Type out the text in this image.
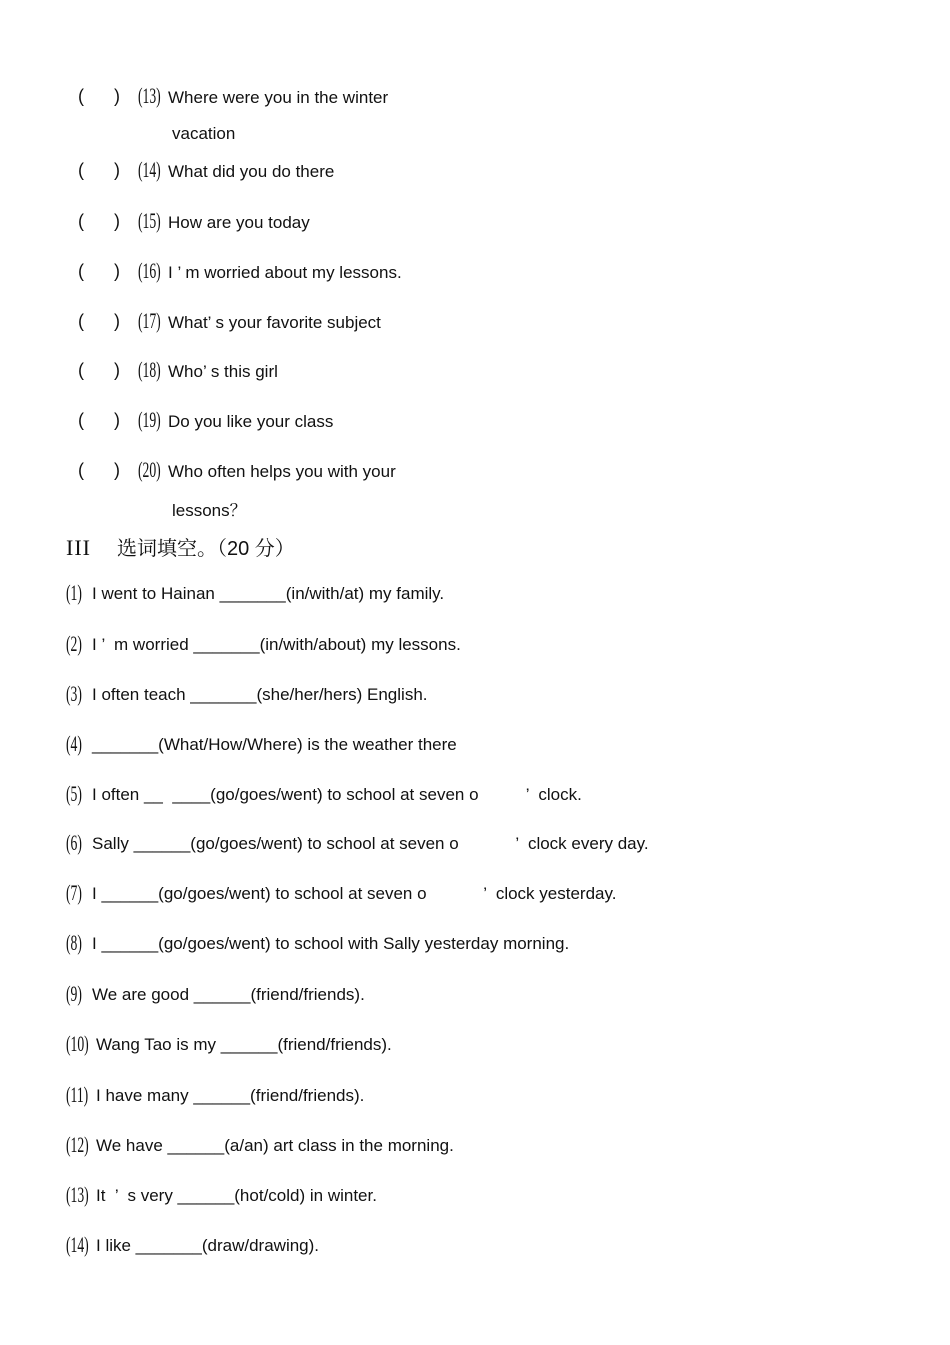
( ) (13) Where were you in the winter
vacation
( ) (14) What did you do there
( ) (15) How are you today
( ) (16) I ’ m worried about my lessons.
( ) (17) What’ s your favorite subject
( ) (18) Who’ s this girl
( ) (19) Do you like your class
( ) (20) Who often helps you with your
lessons？
III 选词填空。（20 分）
(1) I went to Hainan _______(in/with/at) my family.
(2) I ’  m worried _______(in/with/about) my lessons.
(3) I often teach _______(she/her/hers) English.
(4) _______(What/How/Where) is the weather there
(5) I often __  ____(go/goes/went) to school at seven o          ’  clock.
(6) Sally ______(go/goes/went) to school at seven o            ’  clock every day.
(7) I ______(go/goes/went) to school at seven o            ’  clock yesterday.
(8) I ______(go/goes/went) to school with Sally yesterday morning.
(9) We are good ______(friend/friends).
(10) Wang Tao is my ______(friend/friends).
(11) I have many ______(friend/friends).
(12) We have ______(a/an) art class in the morning.
(13) It  ’  s very ______(hot/cold) in winter.
(14) I like _______(draw/drawing).
